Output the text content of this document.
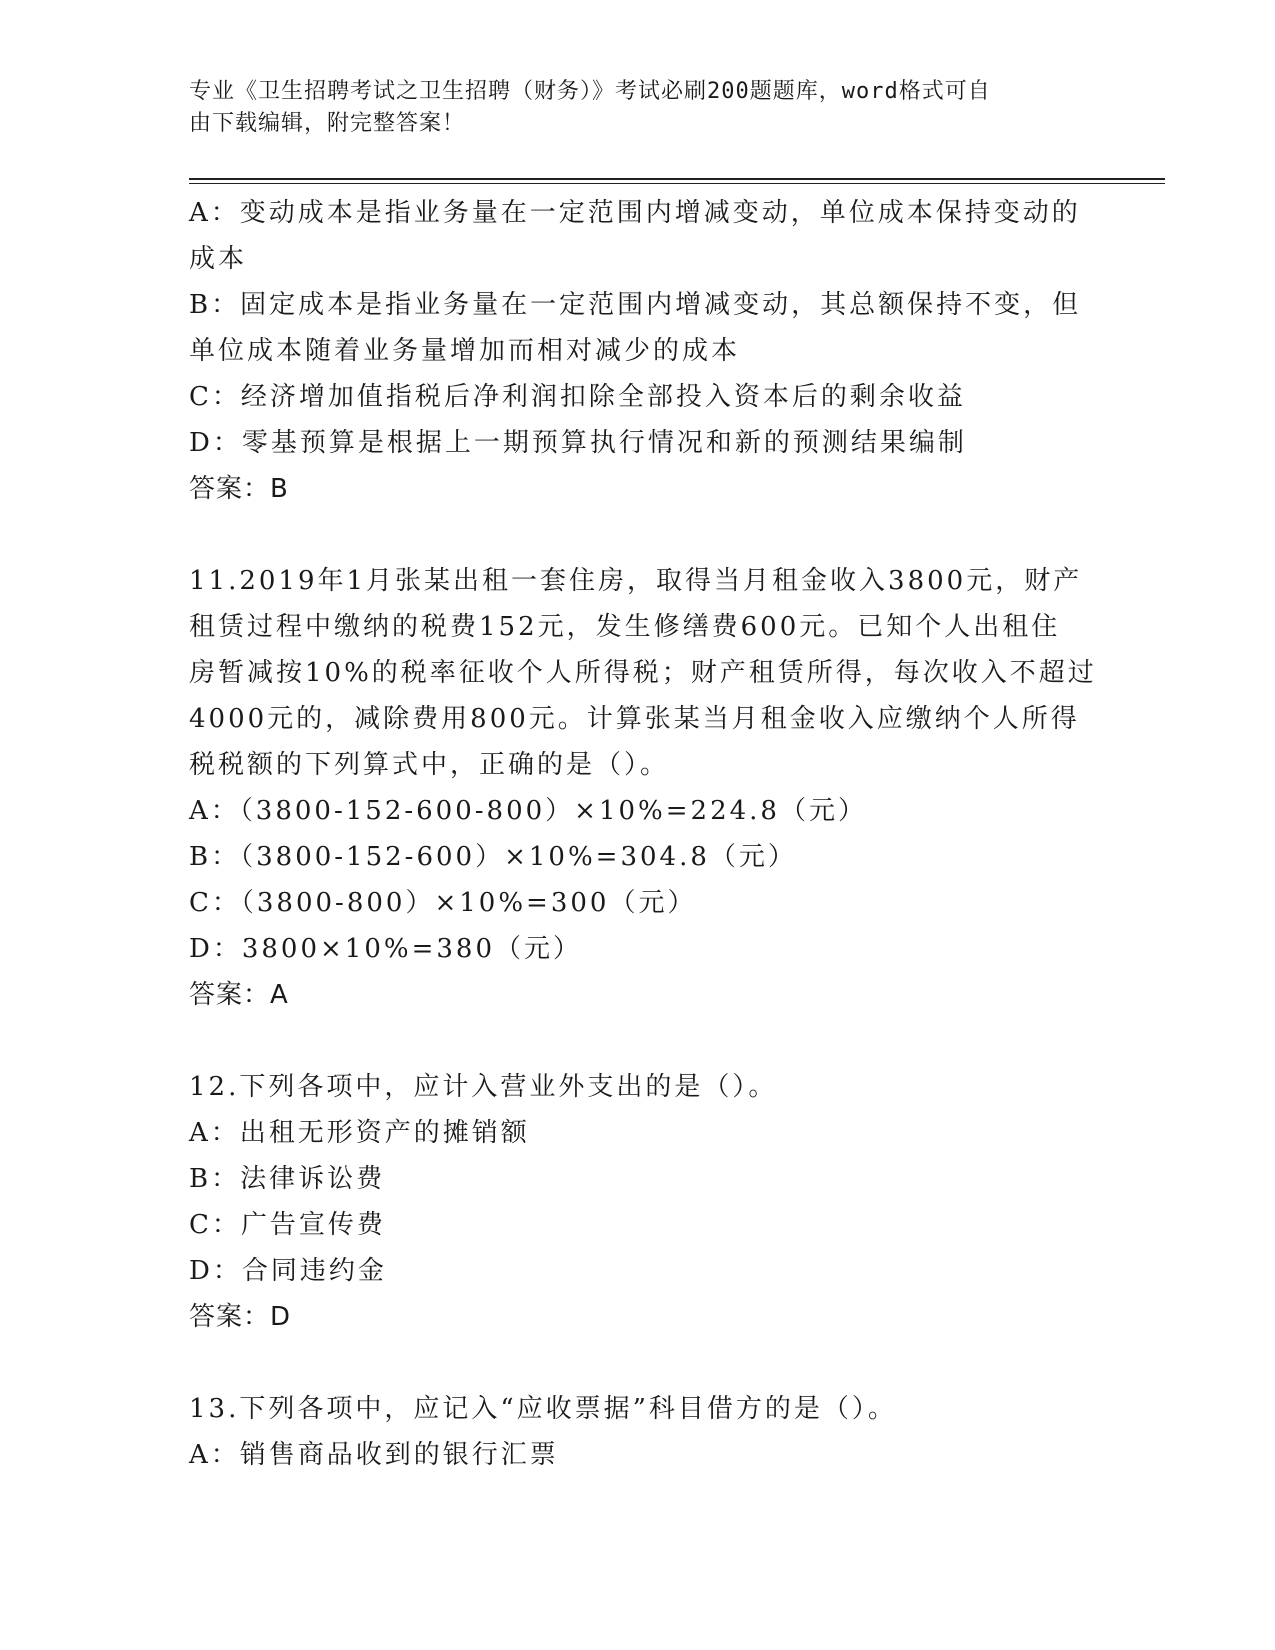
专业《卫生招聘考试之卫生招聘（财务）》考试必刷200题题库，word格式可自
由下载编辑，附完整答案！
A：变动成本是指业务量在一定范围内增减变动，单位成本保持变动的
成本
B：固定成本是指业务量在一定范围内增减变动，其总额保持不变，但
单位成本随着业务量增加而相对减少的成本
C：经济增加值指税后净利润扣除全部投入资本后的剩余收益
D：零基预算是根据上一期预算执行情况和新的预测结果编制
答案：B
11.2019年1月张某出租一套住房，取得当月租金收入3800元，财产
租赁过程中缴纳的税费152元，发生修缮费600元。已知个人出租住
房暂减按10%的税率征收个人所得税；财产租赁所得，每次收入不超过
4000元的，减除费用800元。计算张某当月租金收入应缴纳个人所得
税税额的下列算式中，正确的是（）。
A：（3800-152-600-800）×10%=224.8（元）
B：（3800-152-600）×10%=304.8（元）
C：（3800-800）×10%=300（元）
D：3800×10%=380（元）
答案：A
12.下列各项中，应计入营业外支出的是（）。
A：出租无形资产的摊销额
B：法律诉讼费
C：广告宣传费
D：合同违约金
答案：D
13.下列各项中，应记入“应收票据”科目借方的是（）。
A：销售商品收到的银行汇票
